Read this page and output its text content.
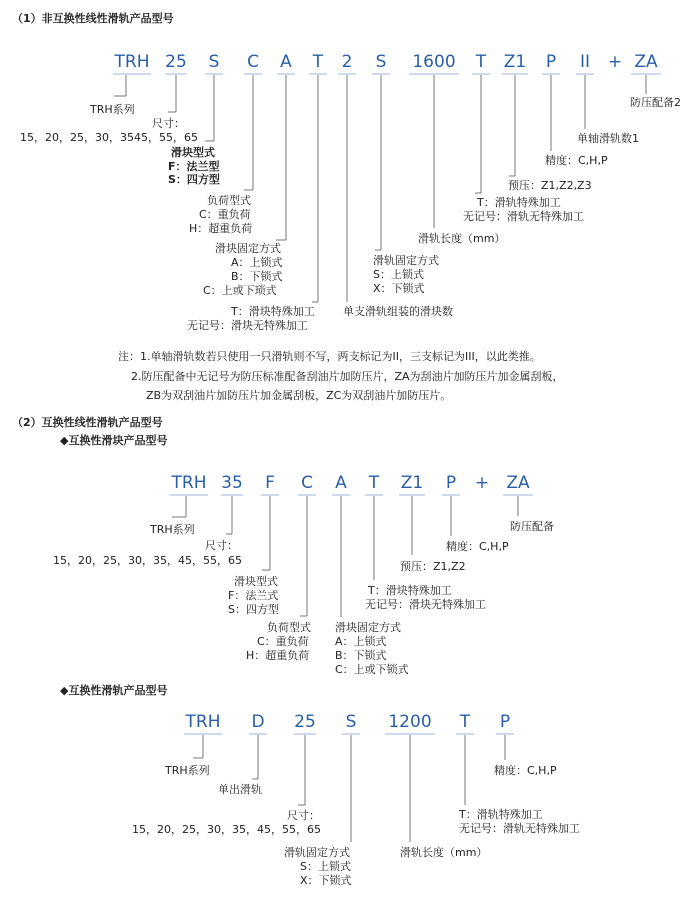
（1）非互换性线性滑轨产品型号
TRH 25 S C A T 2 S 1600 T Z1 P II + ZA
TRH系列
尺寸：
15，20，25，30，3545，55，65
滑块型式
F：法兰型
S：四方型
负荷型式
C：重负荷
H：超重负荷
滑块固定方式
A：上锁式
B：下锁式
C：上或下琐式
T：滑块特殊加工
无记号：滑块无特殊加工
单支滑轨组装的滑块数
滑轨固定方式
S：上锁式
X：下锁式
滑轨长度（mm）
T：滑轨特殊加工
无记号：滑轨无特殊加工
预压：Z1,Z2,Z3
精度：C,H,P
单轴滑轨数1
防压配备2
注：1.单轴滑轨数若只使用一只滑轨则不写，两支标记为II，三支标记为III，以此类推。
2.防压配备中无记号为防压标准配备刮油片加防压片，ZA为刮油片加防压片加金属刮板，
ZB为双刮油片加防压片加金属刮板，ZC为双刮油片加防压片。
（2）互换性线性滑轨产品型号
◆互换性滑块产品型号
TRH 35 F C A T Z1 P + ZA
TRH系列
尺寸：
15，20，25，30，35，45，55，65
滑块型式
F：法兰式
S：四方型
负荷型式
C：重负荷
H：超重负荷
滑块固定方式
A：上锁式
B：下锁式
C：上或下锁式
T：滑块特殊加工
无记号：滑块无特殊加工
预压：Z1,Z2
精度：C,H,P
防压配备
◆互换性滑轨产品型号
TRH D 25 S 1200 T P
TRH系列
单出滑轨
尺寸：
15，20，25，30，35，45，55，65
滑轨固定方式
S：上锁式
X：下锁式
滑轨长度（mm）
T：滑轨特殊加工
无记号：滑轨无特殊加工
精度：C,H,P
